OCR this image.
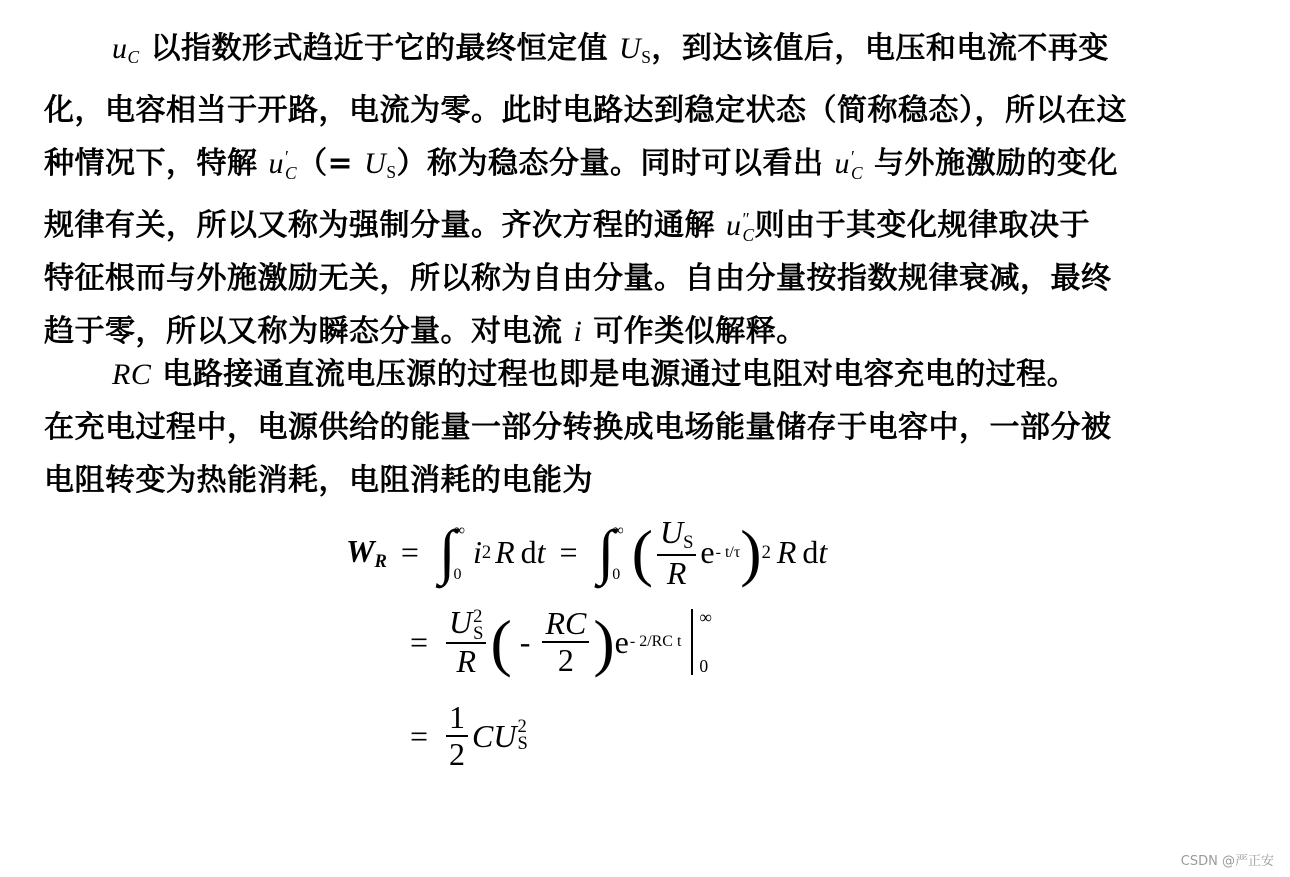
uC 以指数形式趋近于它的最终恒定值 $U_S$，到达该值后，电压和电流不再变
化，电容相当于开路，电流为零。此时电路达到稳定状态（简称稳态），所以在这
种情况下，特解 u ′
C （= $U_S$）称为稳态分量。同时可以看出 u ′
C 与外施激励的变化
规律有关，所以又称为强制分量。齐次方程的通解 u ″
C 则由于其变化规律取决于
特征根而与外施激励无关，所以称为自由分量。自由分量按指数规律衰减，最终
趋于零，所以又称为瞬态分量。对电流 i 可作类似解释。
RC 电路接通直流电压源的过程也即是电源通过电阻对电容充电的过程。
在充电过程中，电源供给的能量一部分转换成电场能量储存于电容中，一部分被
电阻转变为热能消耗，电阻消耗的电能为
WR = ∫
∞
0
i 2 R d t = ∫
∞
0 ( $\frac{U_S}{R}$ e - t/τ ) 2 R d t
= U 2
S
R ( - $\frac{RC}{2}$ ) e - 2/RC t
∞
0
= $\frac{1}{2}$ CU 2
S
CSDN @严正安
